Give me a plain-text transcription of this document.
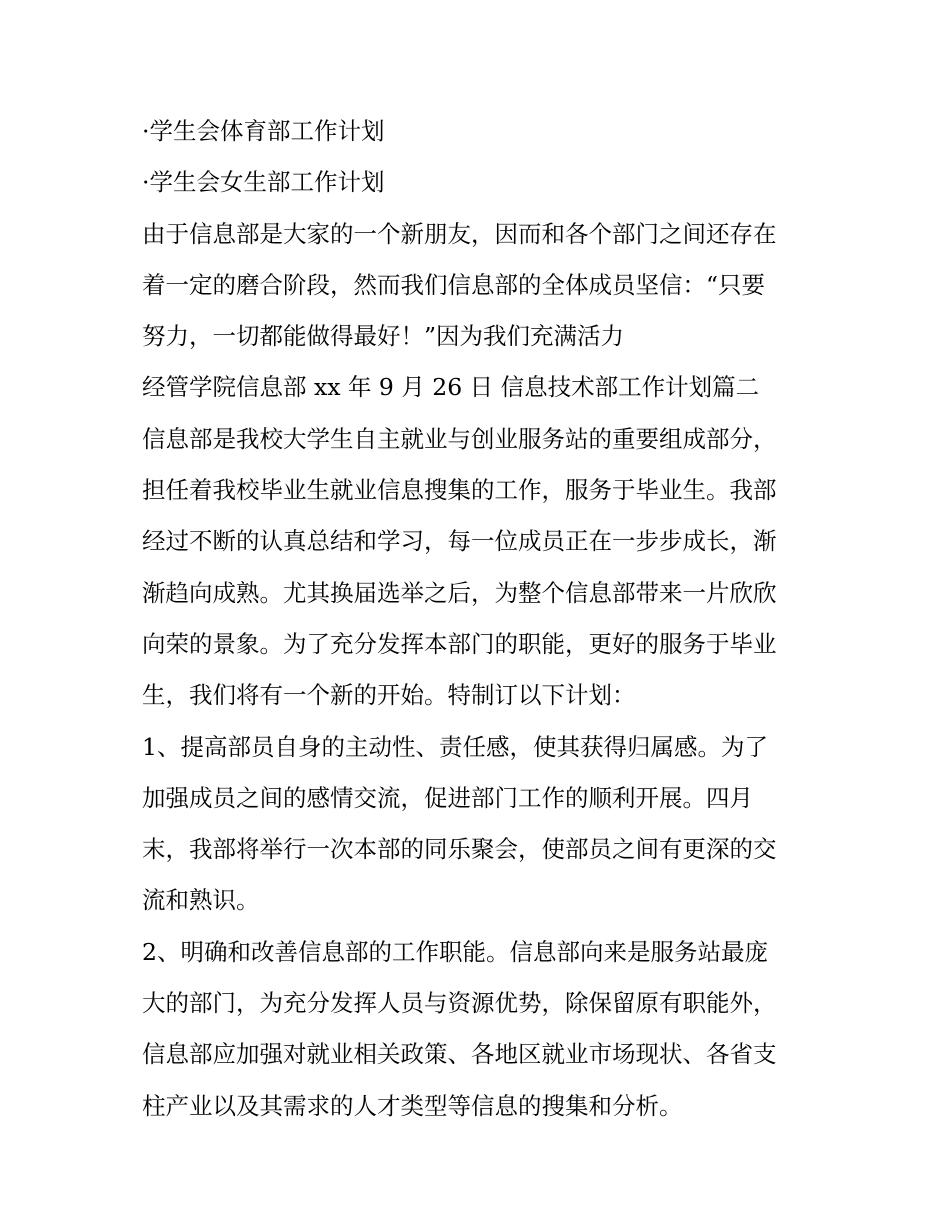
·学生会体育部工作计划
·学生会女生部工作计划
由于信息部是大家的一个新朋友，因而和各个部门之间还存在
着一定的磨合阶段，然而我们信息部的全体成员坚信：“只要
努力，一切都能做得最好！”因为我们充满活力
经管学院信息部 xx 年 9 月 26 日 信息技术部工作计划篇二
信息部是我校大学生自主就业与创业服务站的重要组成部分，
担任着我校毕业生就业信息搜集的工作，服务于毕业生。我部
经过不断的认真总结和学习，每一位成员正在一步步成长，渐
渐趋向成熟。尤其换届选举之后，为整个信息部带来一片欣欣
向荣的景象。为了充分发挥本部门的职能，更好的服务于毕业
生，我们将有一个新的开始。特制订以下计划：
1、提高部员自身的主动性、责任感，使其获得归属感。为了
加强成员之间的感情交流，促进部门工作的顺利开展。四月
末，我部将举行一次本部的同乐聚会，使部员之间有更深的交
流和熟识。
2、明确和改善信息部的工作职能。信息部向来是服务站最庞
大的部门，为充分发挥人员与资源优势，除保留原有职能外，
信息部应加强对就业相关政策、各地区就业市场现状、各省支
柱产业以及其需求的人才类型等信息的搜集和分析。
